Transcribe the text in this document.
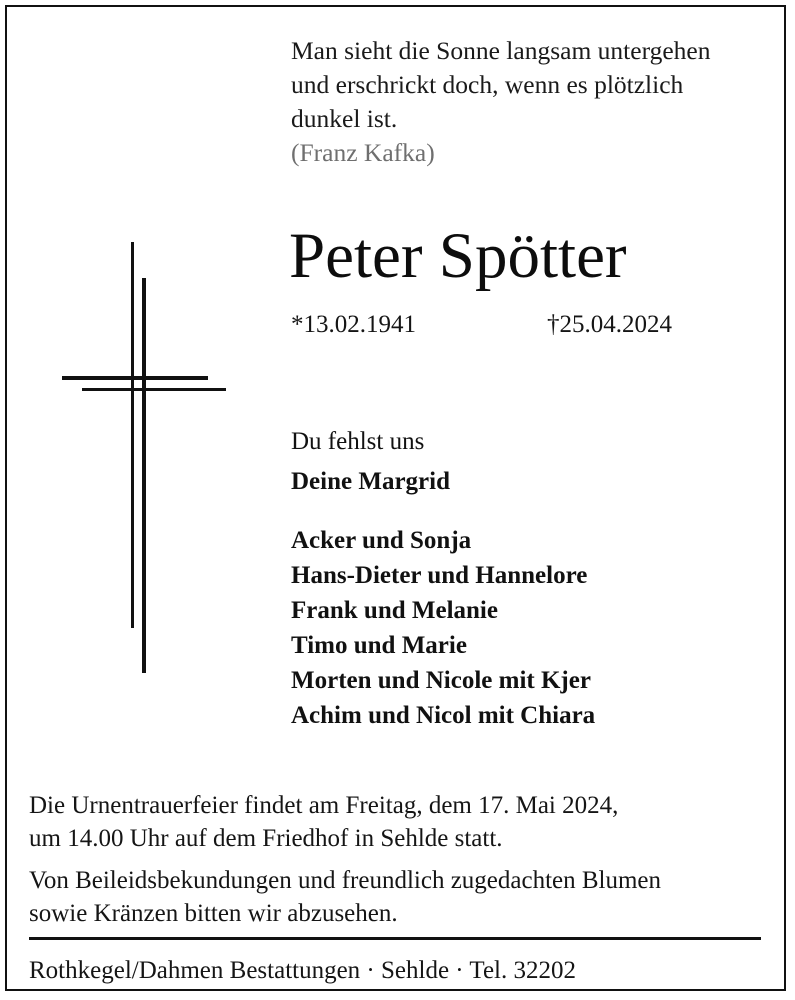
Man sieht die Sonne langsam untergehen
und erschrickt doch, wenn es plötzlich
dunkel ist.
(Franz Kafka)
Peter Spötter
*13.02.1941	†25.04.2024
Du fehlst uns
Deine Margrid
Acker und Sonja
Hans-Dieter und Hannelore
Frank und Melanie
Timo und Marie
Morten und Nicole mit Kjer
Achim und Nicol mit Chiara
Die Urnentrauerfeier findet am Freitag, dem 17. Mai 2024,
um 14.00 Uhr auf dem Friedhof in Sehlde statt.
Von Beileidsbekundungen und freundlich zugedachten Blumen
sowie Kränzen bitten wir abzusehen.
Rothkegel/Dahmen Bestattungen · Sehlde · Tel. 32202
